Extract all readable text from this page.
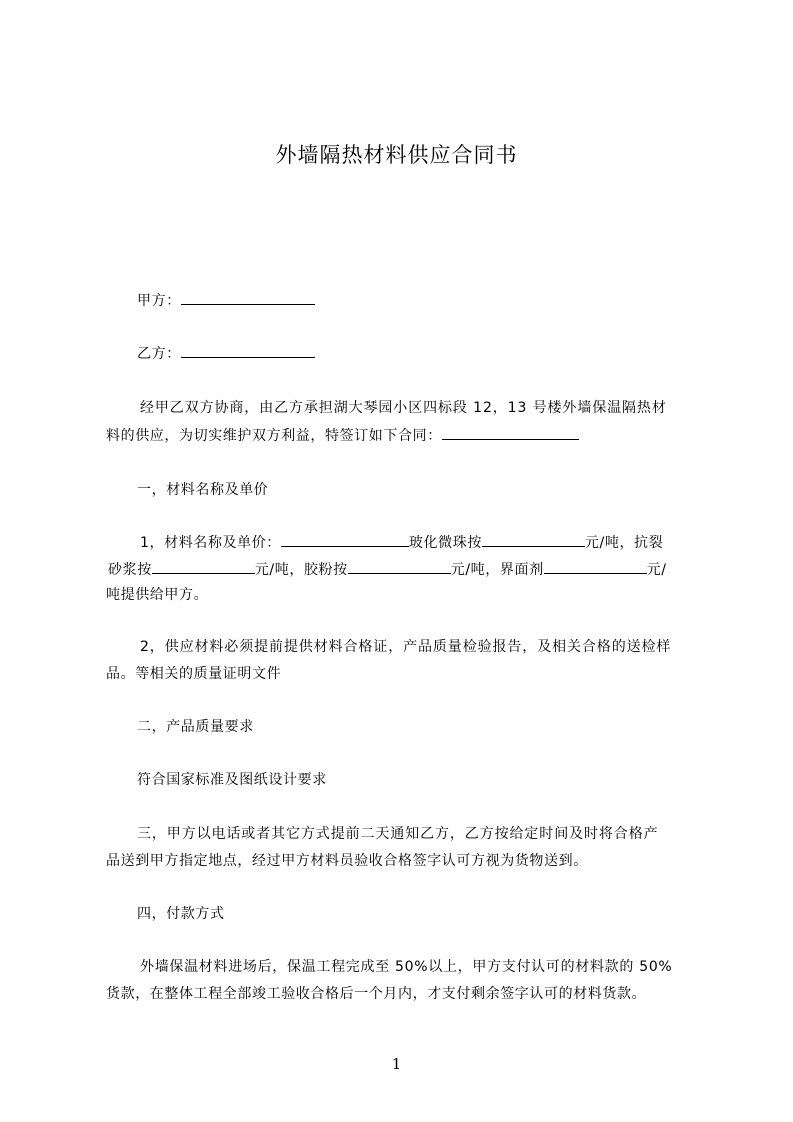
外墙隔热材料供应合同书
甲方：
乙方：
经甲乙双方协商，由乙方承担湖大琴园小区四标段 12，13 号楼外墙保温隔热材
料的供应，为切实维护双方利益，特签订如下合同：
一，材料名称及单价
1，材料名称及单价：	玻化微珠按	元/吨，抗裂
砂浆按	元/吨，胶粉按	元/吨，界面剂	元/
吨提供给甲方。
2，供应材料必须提前提供材料合格证，产品质量检验报告，及相关合格的送检样
品。等相关的质量证明文件
二，产品质量要求
符合国家标准及图纸设计要求
三，甲方以电话或者其它方式提前二天通知乙方，乙方按给定时间及时将合格产
品送到甲方指定地点，经过甲方材料员验收合格签字认可方视为货物送到。
四，付款方式
外墙保温材料进场后，保温工程完成至 50%以上，甲方支付认可的材料款的 50%
货款，在整体工程全部竣工验收合格后一个月内，才支付剩余签字认可的材料货款。
1
